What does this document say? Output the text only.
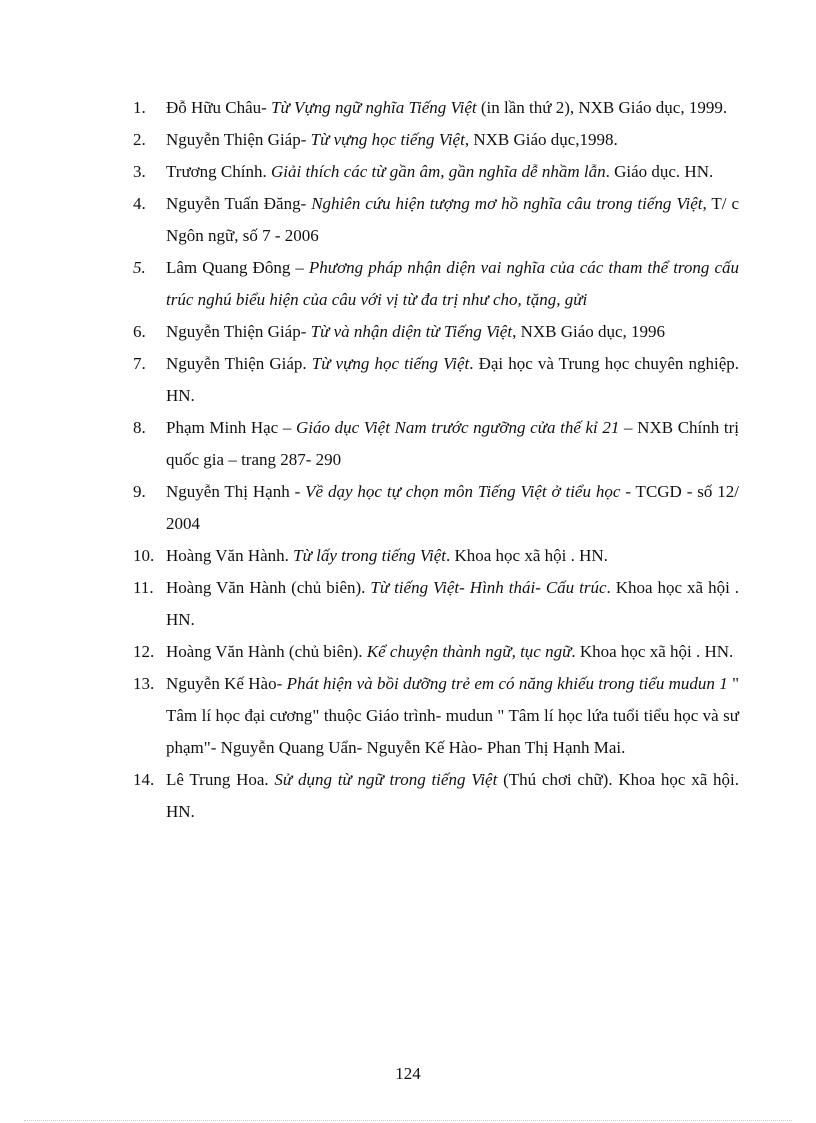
1.	Đỗ Hữu Châu- Từ Vựng ngữ nghĩa Tiếng Việt (in lần thứ 2), NXB Giáo dục, 1999.
2.	Nguyễn Thiện Giáp- Từ vựng học tiếng Việt, NXB Giáo dục,1998.
3.	Trương Chính. Giải thích các từ gần âm, gần nghĩa dễ nhầm lẫn. Giáo dục. HN.
4.	Nguyễn Tuấn Đăng- Nghiên cứu hiện tượng mơ hồ nghĩa câu trong tiếng Việt, T/ c Ngôn ngữ, số 7 - 2006
5.	Lâm Quang Đông – Phương pháp nhận diện vai nghĩa của các tham thể trong cấu trúc nghú biểu hiện của câu với vị từ đa trị như cho, tặng, gửi
6.	Nguyễn Thiện Giáp- Từ và nhận diện từ Tiếng Việt, NXB Giáo dục, 1996
7.	Nguyễn Thiện Giáp. Từ vựng học tiếng Việt. Đại học và Trung học chuyên nghiệp. HN.
8.	Phạm Minh Hạc – Giáo dục Việt Nam trước ngưỡng cửa thế kỉ 21 – NXB Chính trị quốc gia – trang 287- 290
9.	Nguyễn Thị Hạnh - Về dạy học tự chọn môn Tiếng Việt ở tiểu học - TCGD - số 12/ 2004
10. Hoàng Văn Hành. Từ lấy trong tiếng Việt. Khoa học xã hội . HN.
11. Hoàng Văn Hành (chủ biên). Từ tiếng Việt- Hình thái- Cấu trúc. Khoa học xã hội . HN.
12. Hoàng Văn Hành (chủ biên). Kể chuyện thành ngữ, tục ngữ. Khoa học xã hội . HN.
13. Nguyễn Kế Hào- Phát hiện và bồi dưỡng trẻ em có năng khiếu trong tiểu mudun 1 " Tâm lí học đại cương" thuộc Giáo trình- mudun " Tâm lí học lứa tuổi tiểu học và sư phạm"- Nguyễn Quang Uẩn- Nguyễn Kế Hào- Phan Thị Hạnh Mai.
14. Lê Trung Hoa. Sử dụng từ ngữ trong tiếng Việt (Thú chơi chữ). Khoa học xã hội. HN.
124
